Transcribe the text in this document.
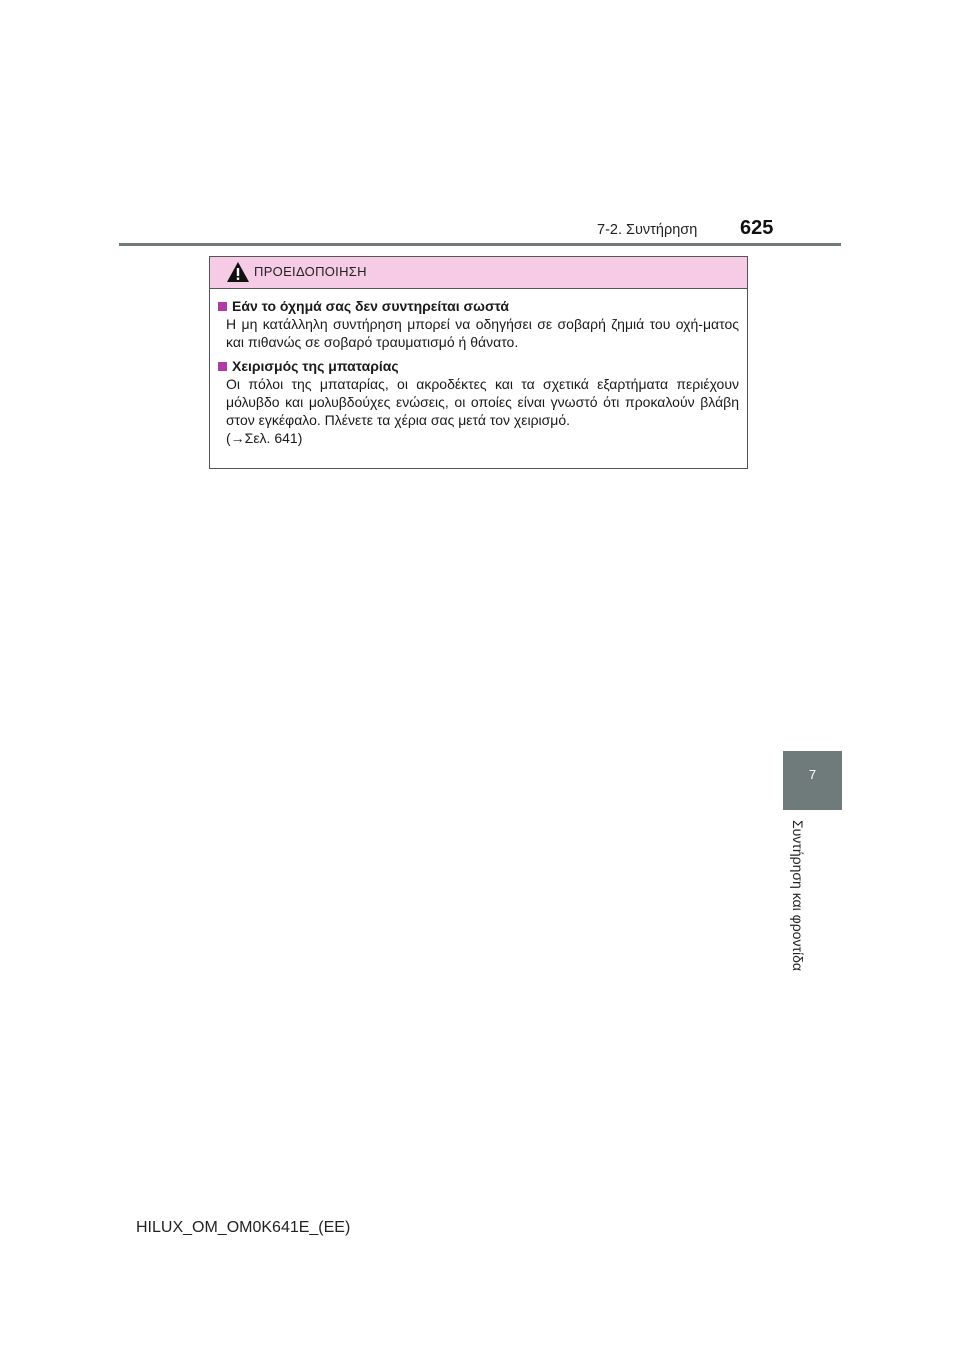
7-2. Συντήρηση 625
ΠΡΟΕΙΔΟΠΟΙΗΣΗ
Εάν το όχημά σας δεν συντηρείται σωστά
Η μη κατάλληλη συντήρηση μπορεί να οδηγήσει σε σοβαρή ζημιά του οχή-ματος και πιθανώς σε σοβαρό τραυματισμό ή θάνατο.
Χειρισμός της μπαταρίας
Οι πόλοι της μπαταρίας, οι ακροδέκτες και τα σχετικά εξαρτήματα περιέχουν μόλυβδο και μολυβδούχες ενώσεις, οι οποίες είναι γνωστό ότι προκαλούν βλάβη στον εγκέφαλο. Πλένετε τα χέρια σας μετά τον χειρισμό.
(→Σελ. 641)
7
Συντήρηση και φροντίδα
HILUX_OM_OM0K641E_(EE)
